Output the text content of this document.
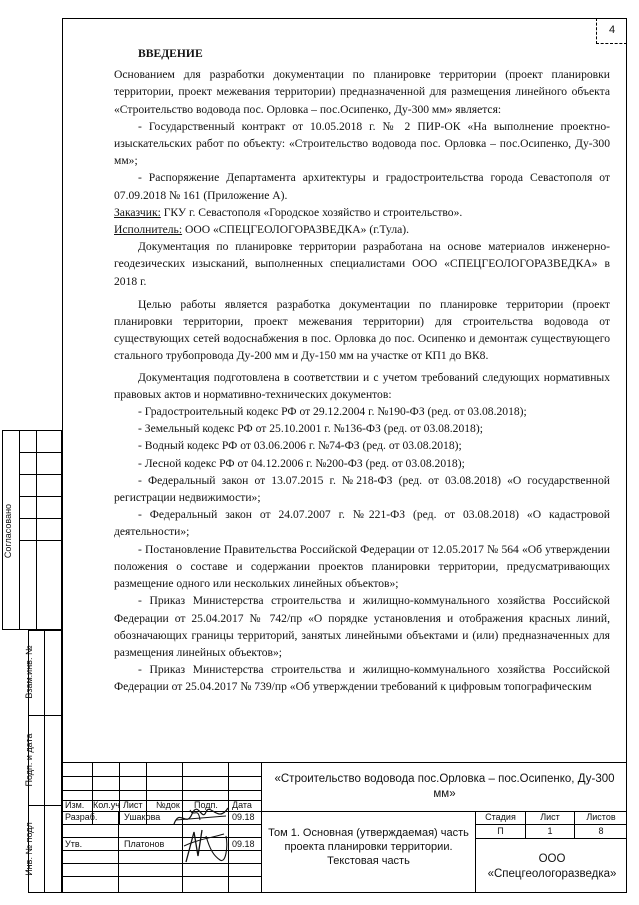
4

ВВЕДЕНИЕ

Основанием для разработки документации по планировке территории (проект планировки территории, проект межевания территории) предназначенной для размещения линейного объекта «Строительство водовода пос. Орловка – пос.Осипенко, Ду-300 мм» является:

- Государственный контракт от 10.05.2018 г. № 2 ПИР-ОК «На выполнение проектно-изыскательских работ по объекту: «Строительство водовода пос. Орловка – пос.Осипенко, Ду-300 мм»;

- Распоряжение Департамента архитектуры и градостроительства города Севастополя от 07.09.2018 № 161 (Приложение А).

Заказчик: ГКУ г. Севастополя «Городское хозяйство и строительство».

Исполнитель: ООО «СПЕЦГЕОЛОГОРАЗВЕДКА» (г.Тула).

Документация по планировке территории разработана на основе материалов инженерно-геодезических изысканий, выполненных специалистами ООО «СПЕЦГЕОЛОГОРАЗВЕДКА» в 2018 г.

Целью работы является разработка документации по планировке территории (проект планировки территории, проект межевания территории) для строительства водовода от существующих сетей водоснабжения в пос. Орловка до пос. Осипенко и демонтаж существующего стального трубопровода Ду-200 мм и Ду-150 мм на участке от КП1 до ВК8.

Документация подготовлена в соответствии и с учетом требований следующих нормативных правовых актов и нормативно-технических документов:

- Градостроительный кодекс РФ от 29.12.2004 г. №190-ФЗ (ред. от 03.08.2018);

- Земельный кодекс РФ от 25.10.2001 г. №136-ФЗ (ред. от 03.08.2018);

- Водный кодекс РФ от 03.06.2006 г. №74-ФЗ (ред. от 03.08.2018);

- Лесной кодекс РФ от 04.12.2006 г. №200-ФЗ (ред. от 03.08.2018);

- Федеральный закон от 13.07.2015 г. №218-ФЗ (ред. от 03.08.2018) «О государственной регистрации недвижимости»;

- Федеральный закон от 24.07.2007 г. №221-ФЗ (ред. от 03.08.2018) «О кадастровой деятельности»;

- Постановление Правительства Российской Федерации от 12.05.2017 № 564 «Об утверждении положения о составе и содержании проектов планировки территории, предусматривающих размещение одного или нескольких линейных объектов»;

- Приказ Министерства строительства и жилищно-коммунального хозяйства Российской Федерации от 25.04.2017 № 742/пр «О порядке установления и отображения красных линий, обозначающих границы территорий, занятых линейными объектами и (или) предназначенных для размещения линейных объектов»;

- Приказ Министерства строительства и жилищно-коммунального хозяйства Российской Федерации от 25.04.2017 № 739/пр «Об утверждении требований к цифровым топографическим

Согласовано
Взам.инв. №
Подп. и дата
Инв. № подл
Изм. Кол.уч Лист №док Подп. Дата
Разраб.	Ушакова	09.18
Утв.	Платонов	09.18
«Строительство водовода пос.Орловка – пос.Осипенко, Ду-300 мм»
Том 1. Основная (утверждаемая) часть проекта планировки территории. Текстовая часть
Стадия	Лист	Листов
П	1	8
ООО «Спецгеологоразведка»
